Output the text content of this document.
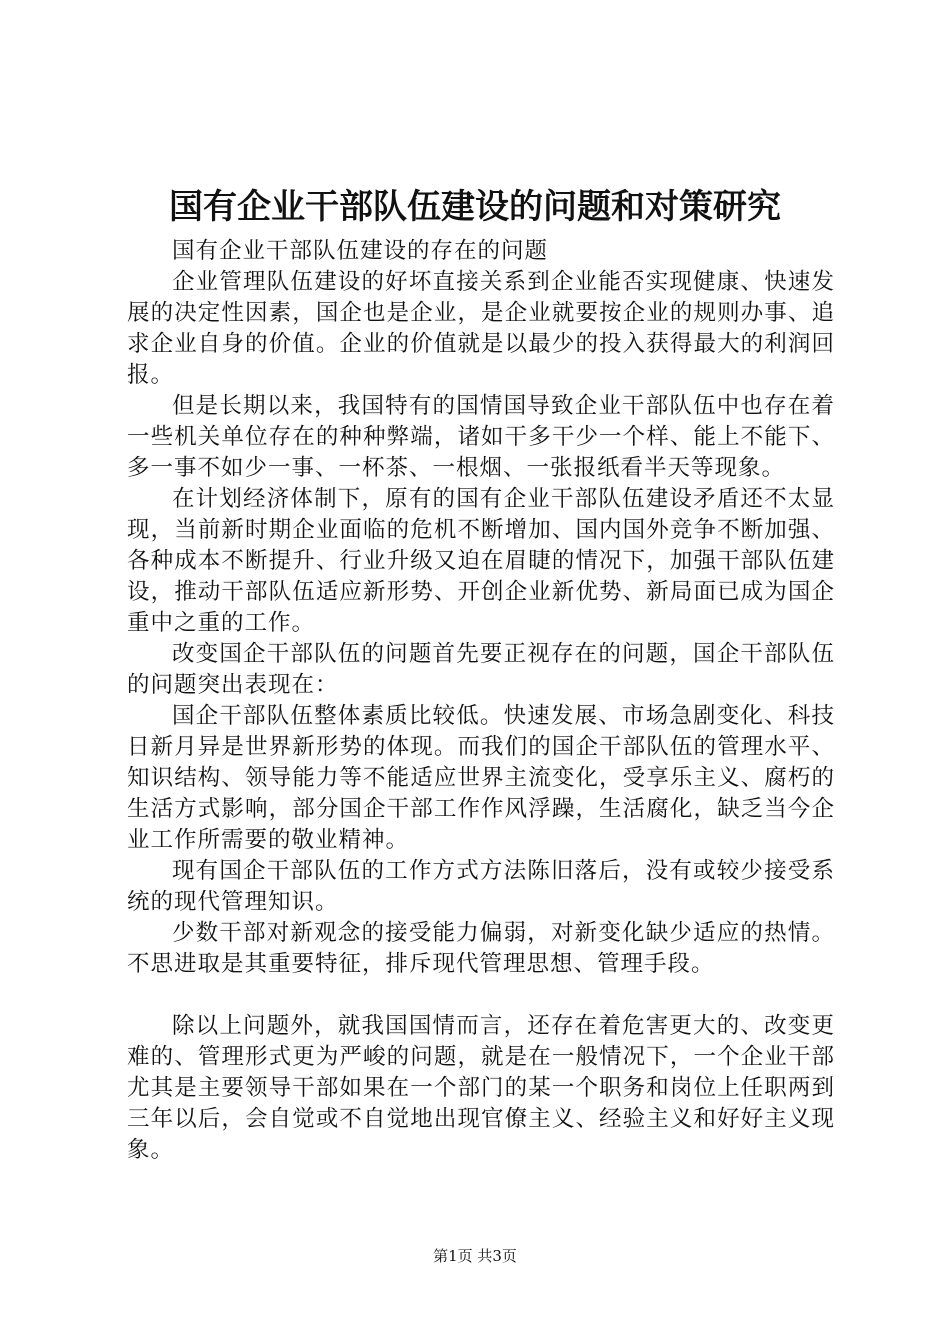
国有企业干部队伍建设的问题和对策研究

国有企业干部队伍建设的存在的问题

企业管理队伍建设的好坏直接关系到企业能否实现健康、快速发展的决定性因素，国企也是企业，是企业就要按企业的规则办事、追求企业自身的价值。企业的价值就是以最少的投入获得最大的利润回报。

但是长期以来，我国特有的国情国导致企业干部队伍中也存在着一些机关单位存在的种种弊端，诸如干多干少一个样、能上不能下、多一事不如少一事、一杯茶、一根烟、一张报纸看半天等现象。

在计划经济体制下，原有的国有企业干部队伍建设矛盾还不太显现，当前新时期企业面临的危机不断增加、国内国外竞争不断加强、各种成本不断提升、行业升级又迫在眉睫的情况下，加强干部队伍建设，推动干部队伍适应新形势、开创企业新优势、新局面已成为国企重中之重的工作。

改变国企干部队伍的问题首先要正视存在的问题，国企干部队伍的问题突出表现在：

国企干部队伍整体素质比较低。快速发展、市场急剧变化、科技日新月异是世界新形势的体现。而我们的国企干部队伍的管理水平、知识结构、领导能力等不能适应世界主流变化，受享乐主义、腐朽的生活方式影响，部分国企干部工作作风浮躁，生活腐化，缺乏当今企业工作所需要的敬业精神。

现有国企干部队伍的工作方式方法陈旧落后，没有或较少接受系统的现代管理知识。

少数干部对新观念的接受能力偏弱，对新变化缺少适应的热情。不思进取是其重要特征，排斥现代管理思想、管理手段。

除以上问题外，就我国国情而言，还存在着危害更大的、改变更难的、管理形式更为严峻的问题，就是在一般情况下，一个企业干部尤其是主要领导干部如果在一个部门的某一个职务和岗位上任职两到三年以后，会自觉或不自觉地出现官僚主义、经验主义和好好主义现象。

第1页 共3页
